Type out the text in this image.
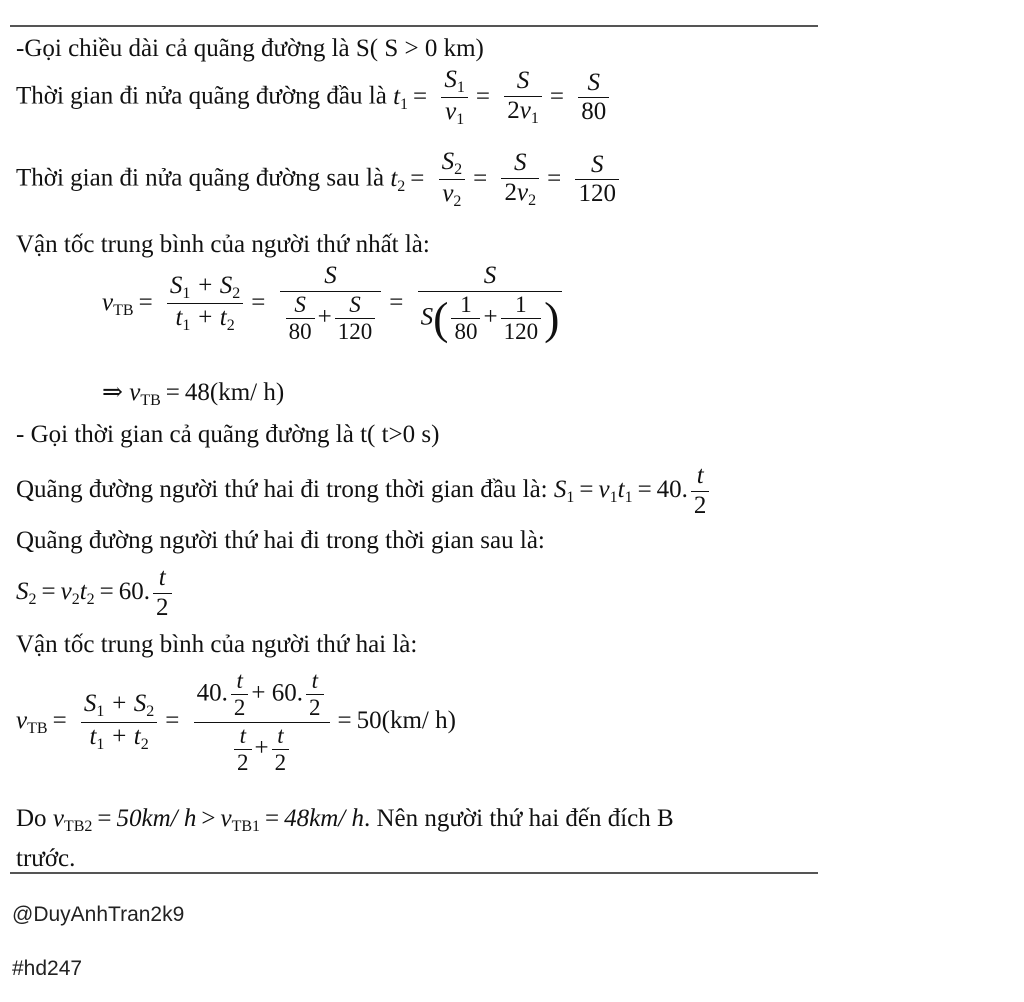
-Gọi chiều dài cả quãng đường là S( S > 0 km)
Thời gian đi nửa quãng đường đầu là $t_1 = \frac{S_1}{v_1} = \frac{S}{2v_1} = \frac{S}{80}$
Thời gian đi nửa quãng đường sau là $t_2 = \frac{S_2}{v_2} = \frac{S}{2v_2} = \frac{S}{120}$
Vận tốc trung bình của người thứ nhất là:
$v_{TB} = \frac{S_1 + S_2}{t_1 + t_2} = \frac{S}{\frac{S}{80} + \frac{S}{120}} = \frac{S}{S( \frac{1}{80} + \frac{1}{120} )}$
⇒ $v_{TB} = 48(km/$ h)
- Gọi thời gian cả quãng đường là t( t>0 s)
Quãng đường người thứ hai đi trong thời gian đầu là: $S_1 = v_1t_1 = 40$. $\frac{t}{2}$
Quãng đường người thứ hai đi trong thời gian sau là:
$S_2 = v_2t_2 = 60$. $\frac{t}{2}$
Vận tốc trung bình của người thứ hai là:
$v_{TB} = \frac{S_1 + S_2}{t_1 + t_2} = \frac{40. \frac{t}{2} + 60. \frac{t}{2}}{\frac{t}{2} + \frac{t}{2}} = 50(km/$ h)
Do $v_{TB2} = 50km/$ $h > v_{TB1} = 48km/$ h. Nên người thứ hai đến đích B
trước.
@DuyAnhTran2k9
#hd247
